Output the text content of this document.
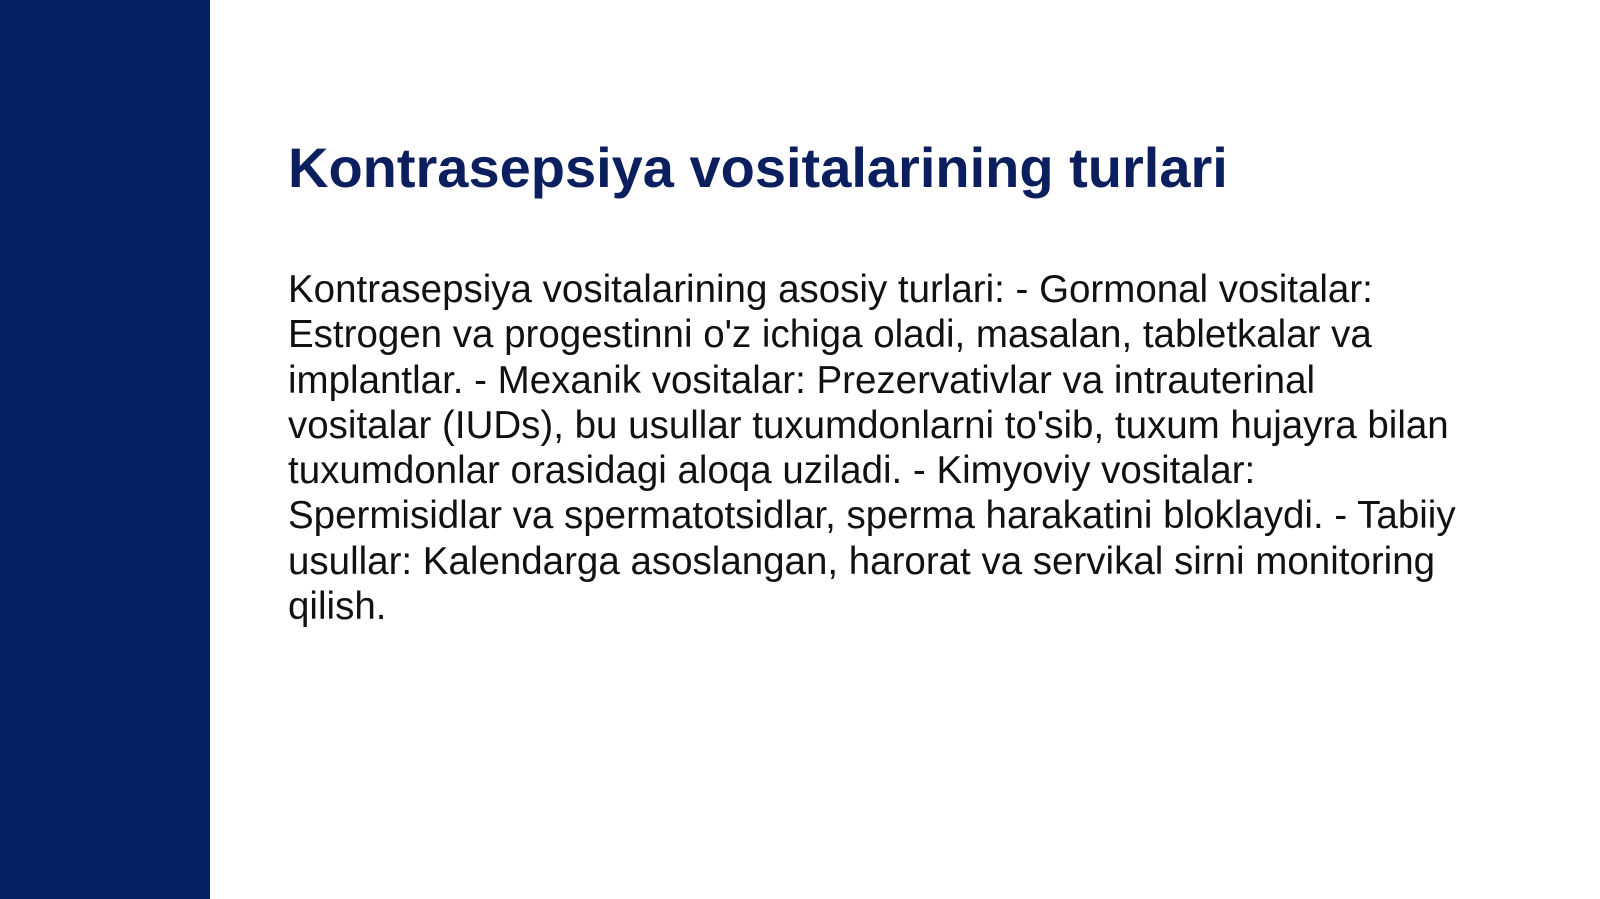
Kontrasepsiya vositalarining turlari

Kontrasepsiya vositalarining asosiy turlari: - Gormonal vositalar: Estrogen va progestinni o'z ichiga oladi, masalan, tabletkalar va implantlar. - Mexanik vositalar: Prezervativlar va intrauterinal vositalar (IUDs), bu usullar tuxumdonlarni to'sib, tuxum hujayra bilan tuxumdonlar orasidagi aloqa uziladi. - Kimyoviy vositalar: Spermisidlar va spermatotsidlar, sperma harakatini bloklaydi. - Tabiiy usullar: Kalendarga asoslangan, harorat va servikal sirni monitoring qilish.
